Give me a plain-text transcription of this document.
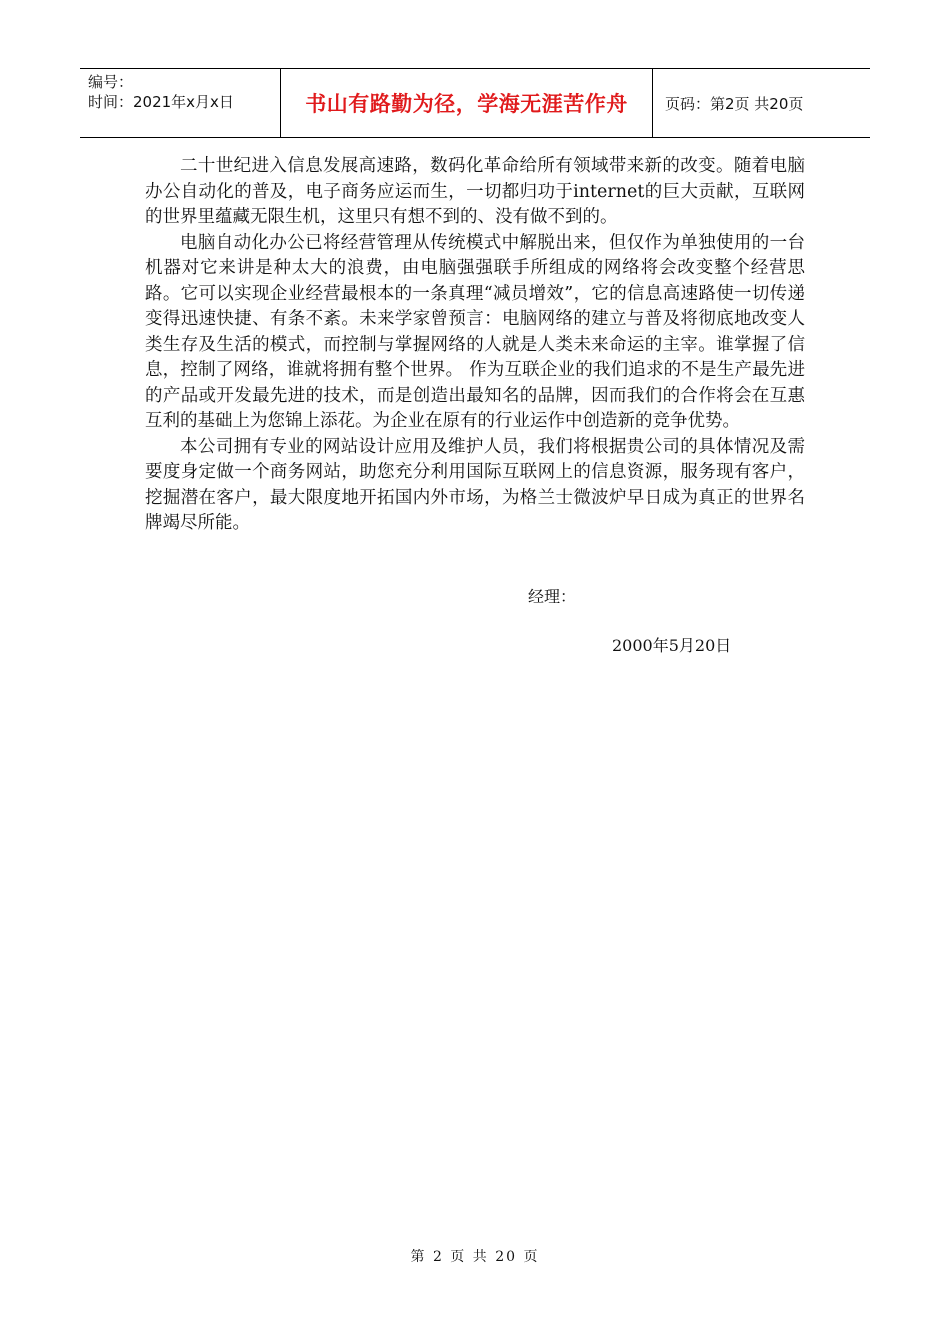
编号：
时间：2021年x月x日	书山有路勤为径，学海无涯苦作舟 页码：第2页 共20页

二十世纪进入信息发展高速路，数码化革命给所有领域带来新的改变。随着电脑办公自动化的普及，电子商务应运而生，一切都归功于internet的巨大贡献，互联网的世界里蕴藏无限生机，这里只有想不到的、没有做不到的。

电脑自动化办公已将经营管理从传统模式中解脱出来，但仅作为单独使用的一台机器对它来讲是种太大的浪费，由电脑强强联手所组成的网络将会改变整个经营思路。它可以实现企业经营最根本的一条真理“减员增效”，它的信息高速路使一切传递变得迅速快捷、有条不紊。未来学家曾预言：电脑网络的建立与普及将彻底地改变人类生存及生活的模式，而控制与掌握网络的人就是人类未来命运的主宰。谁掌握了信息，控制了网络，谁就将拥有整个世界。 作为互联企业的我们追求的不是生产最先进的产品或开发最先进的技术，而是创造出最知名的品牌，因而我们的合作将会在互惠互利的基础上为您锦上添花。为企业在原有的行业运作中创造新的竞争优势。

本公司拥有专业的网站设计应用及维护人员，我们将根据贵公司的具体情况及需要度身定做一个商务网站，助您充分利用国际互联网上的信息资源，服务现有客户，挖掘潜在客户，最大限度地开拓国内外市场，为格兰士微波炉早日成为真正的世界名牌竭尽所能。

经理：
2000年5月20日
第 2 页 共 20 页
